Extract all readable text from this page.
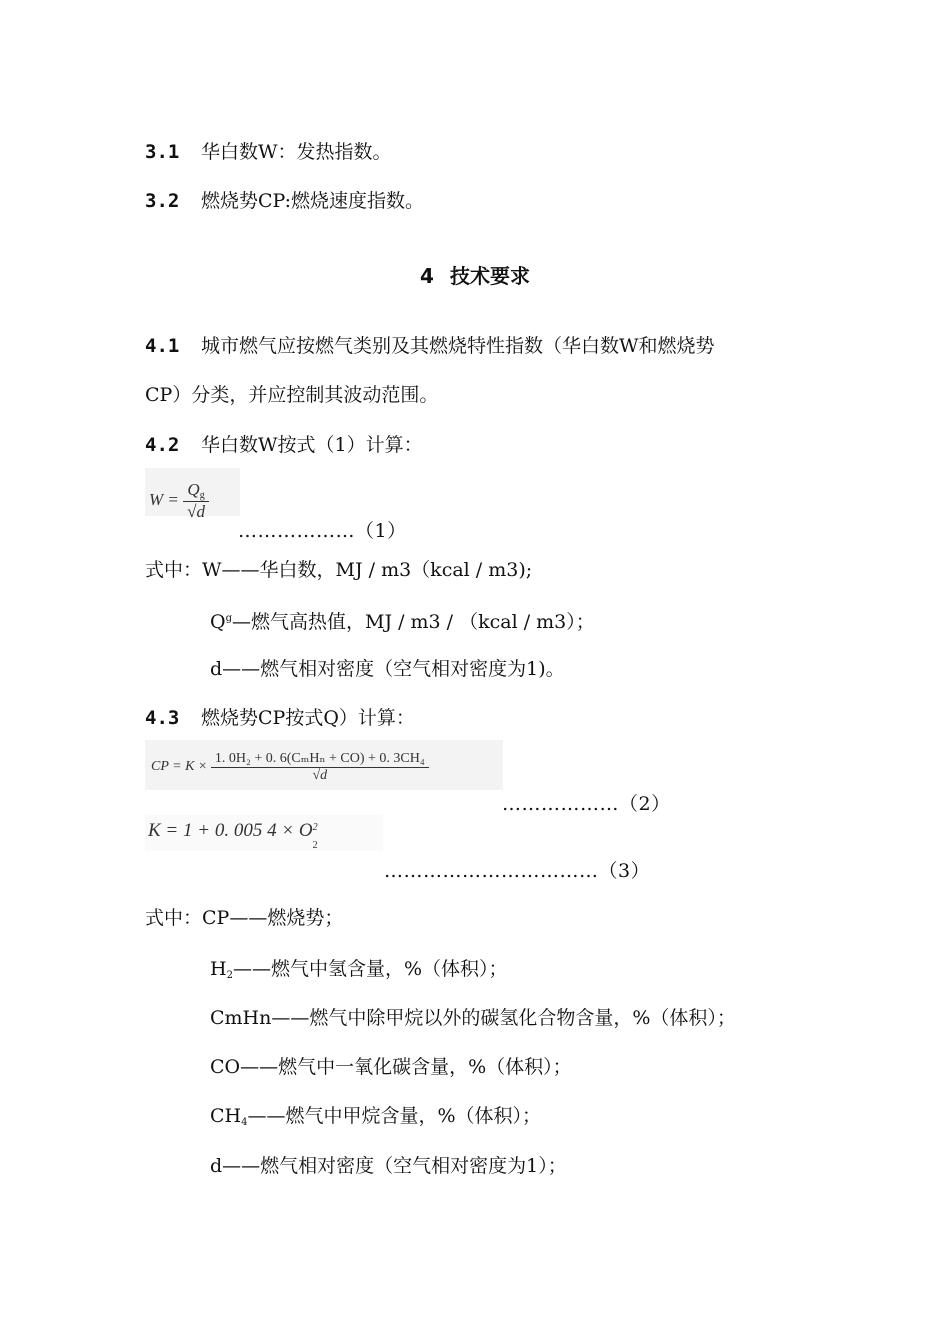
3.1 华白数W：发热指数。
3.2 燃烧势CP:燃烧速度指数。
4 技术要求
4.1 城市燃气应按燃气类别及其燃烧特性指数（华白数W和燃烧势
CP）分类，并应控制其波动范围。
4.2 华白数W按式（1）计算：
$W = \frac{Q_g}{√d}$
………………（1）
式中：W——华白数，MJ / m3（kcal / m3);
$Q^g—$燃气高热值，MJ / m3 / （kcal / m3）；
d——燃气相对密度（空气相对密度为1)。
4.3 燃烧势CP按式Q）计算：
CP = $K \times \frac{\text{1. 0H₂ + 0. 6(CₘHₙ + CO) + 0. 3CH₄}}{√d}$
………………（2）
K = 1 + 0. 005 4 × O 2
2
……………………………（3）
式中：CP——燃烧势；
$H_2——$燃气中氢含量，%（体积）；
CmHn——燃气中除甲烷以外的碳氢化合物含量，%（体积）；
CO——燃气中一氧化碳含量，%（体积）；
$CH_4——$燃气中甲烷含量，%（体积）；
d——燃气相对密度（空气相对密度为1）；
